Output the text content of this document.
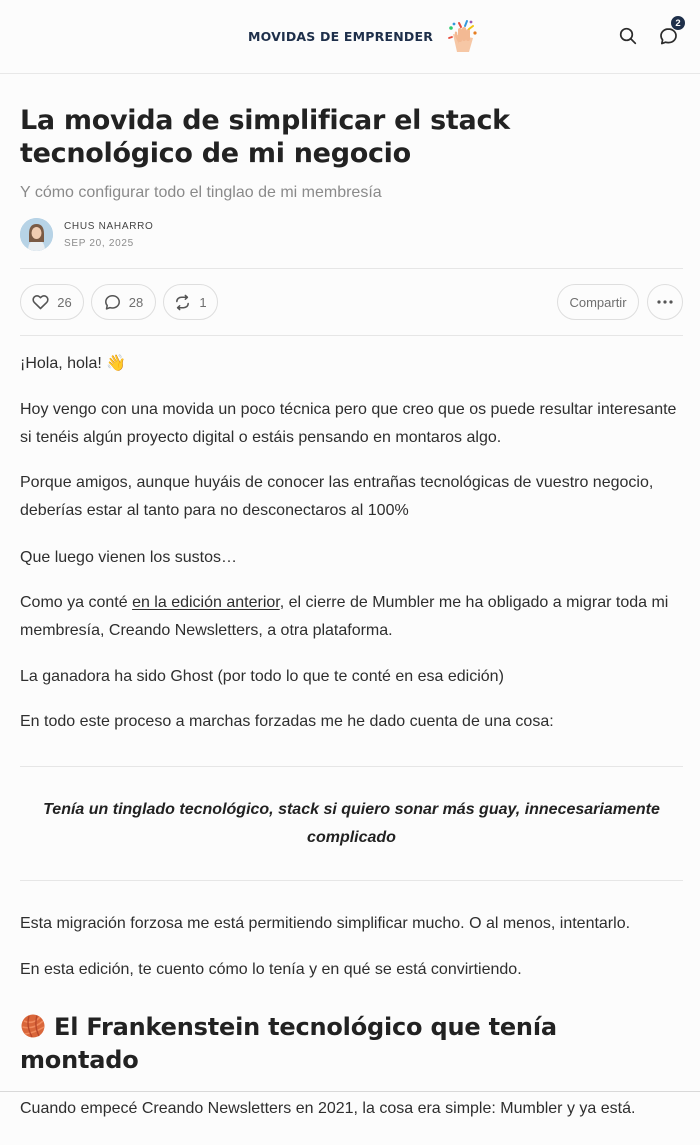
MOVIDAS DE EMPRENDER
2
La movida de simplificar el stack tecnológico de mi negocio
Y cómo configurar todo el tinglao de mi membresía
CHUS NAHARRO
SEP 20, 2025
26	28	1	Compartir

¡Hola, hola! 👋

Hoy vengo con una movida un poco técnica pero que creo que os puede resultar interesante si tenéis algún proyecto digital o estáis pensando en montaros algo.

Porque amigos, aunque huyáis de conocer las entrañas tecnológicas de vuestro negocio, deberías estar al tanto para no desconectaros al 100%

Que luego vienen los sustos…

Como ya conté en la edición anterior, el cierre de Mumbler me ha obligado a migrar toda mi membresía, Creando Newsletters, a otra plataforma.

La ganadora ha sido Ghost (por todo lo que te conté en esa edición)

En todo este proceso a marchas forzadas me he dado cuenta de una cosa:

Tenía un tinglado tecnológico, stack si quiero sonar más guay, innecesariamente complicado

Esta migración forzosa me está permitiendo simplificar mucho. O al menos, intentarlo.

En esta edición, te cuento cómo lo tenía y en qué se está convirtiendo.

El Frankenstein tecnológico que tenía montado

Cuando empecé Creando Newsletters en 2021, la cosa era simple: Mumbler y ya está.
